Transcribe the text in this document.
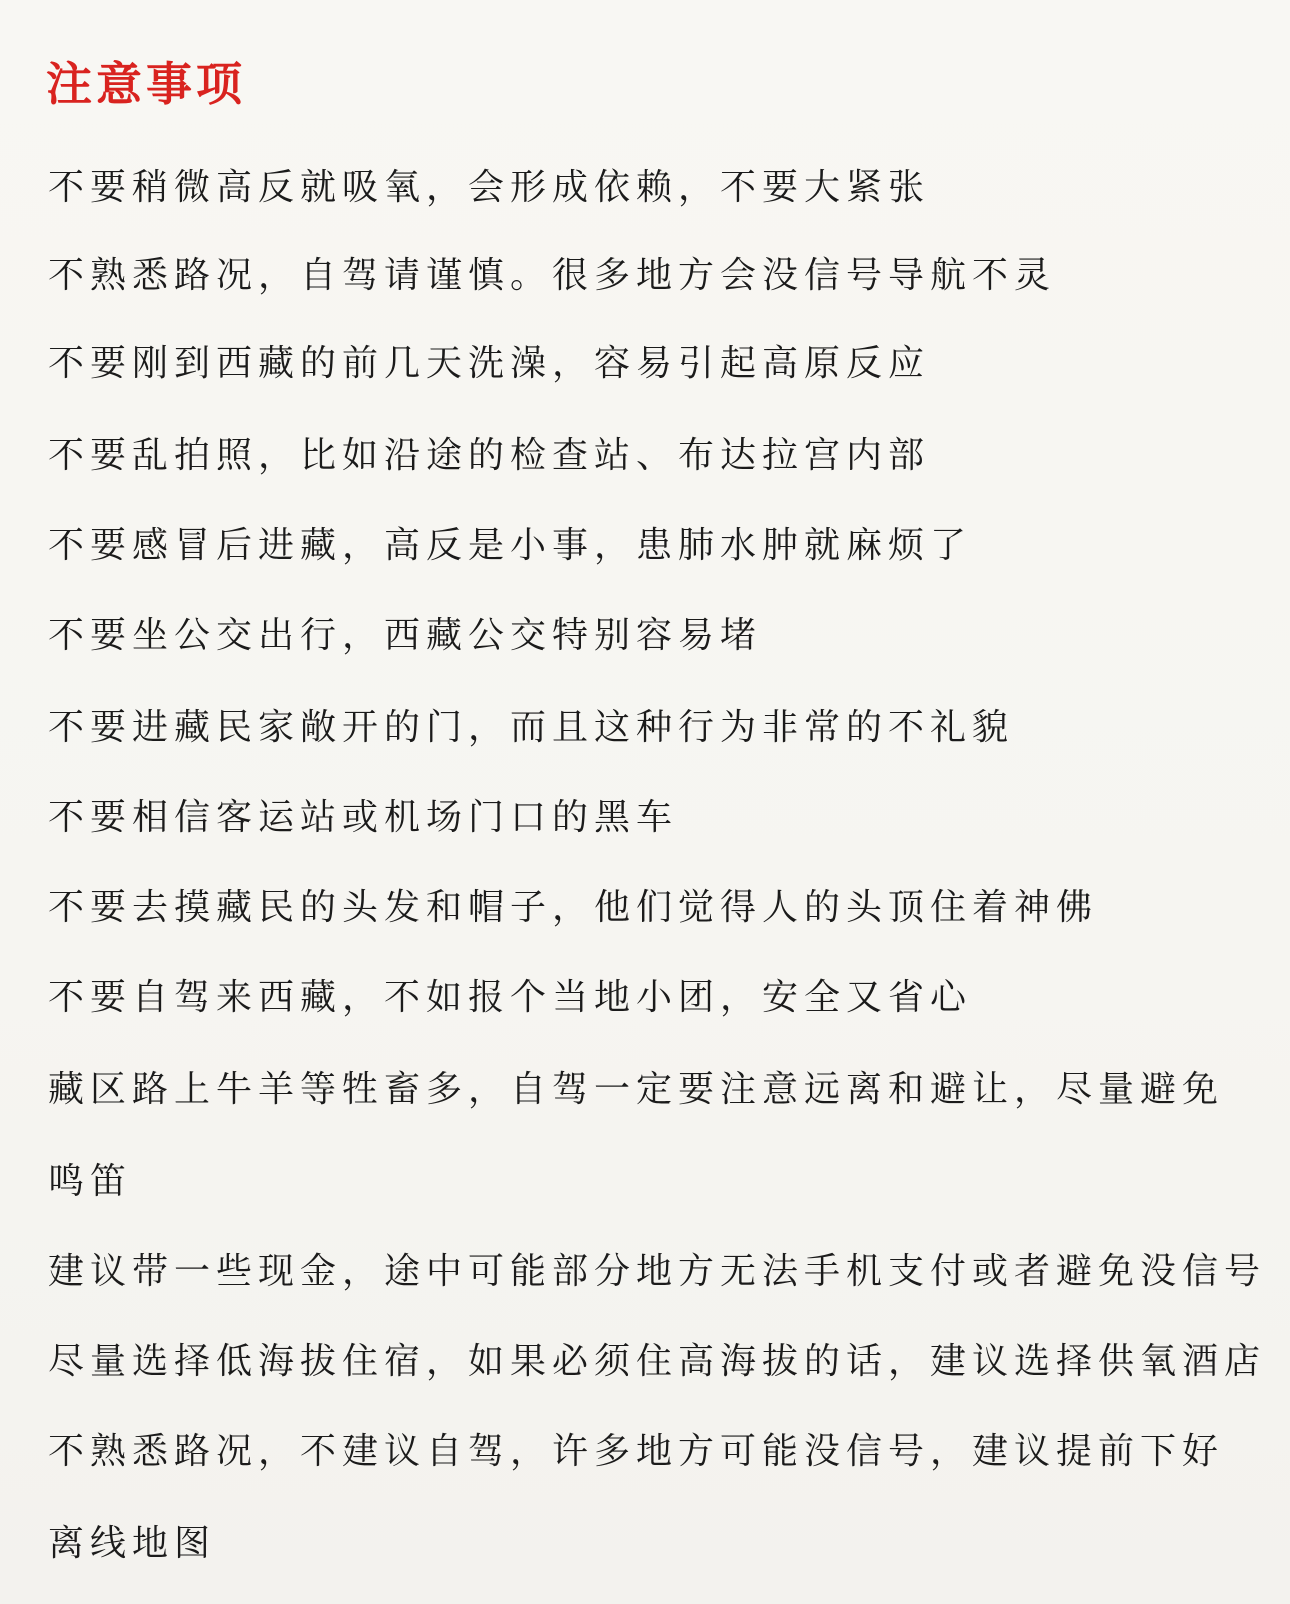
注意事项
不要稍微高反就吸氧，会形成依赖，不要大紧张
不熟悉路况，自驾请谨慎。很多地方会没信号导航不灵
不要刚到西藏的前几天洗澡，容易引起高原反应
不要乱拍照，比如沿途的检查站、布达拉宫内部
不要感冒后进藏，高反是小事，患肺水肿就麻烦了
不要坐公交出行，西藏公交特别容易堵
不要进藏民家敞开的门，而且这种行为非常的不礼貌
不要相信客运站或机场门口的黑车
不要去摸藏民的头发和帽子，他们觉得人的头顶住着神佛
不要自驾来西藏，不如报个当地小团，安全又省心
藏区路上牛羊等牲畜多，自驾一定要注意远离和避让，尽量避免鸣笛
建议带一些现金，途中可能部分地方无法手机支付或者避免没信号
尽量选择低海拔住宿，如果必须住高海拔的话，建议选择供氧酒店
不熟悉路况，不建议自驾，许多地方可能没信号，建议提前下好离线地图
